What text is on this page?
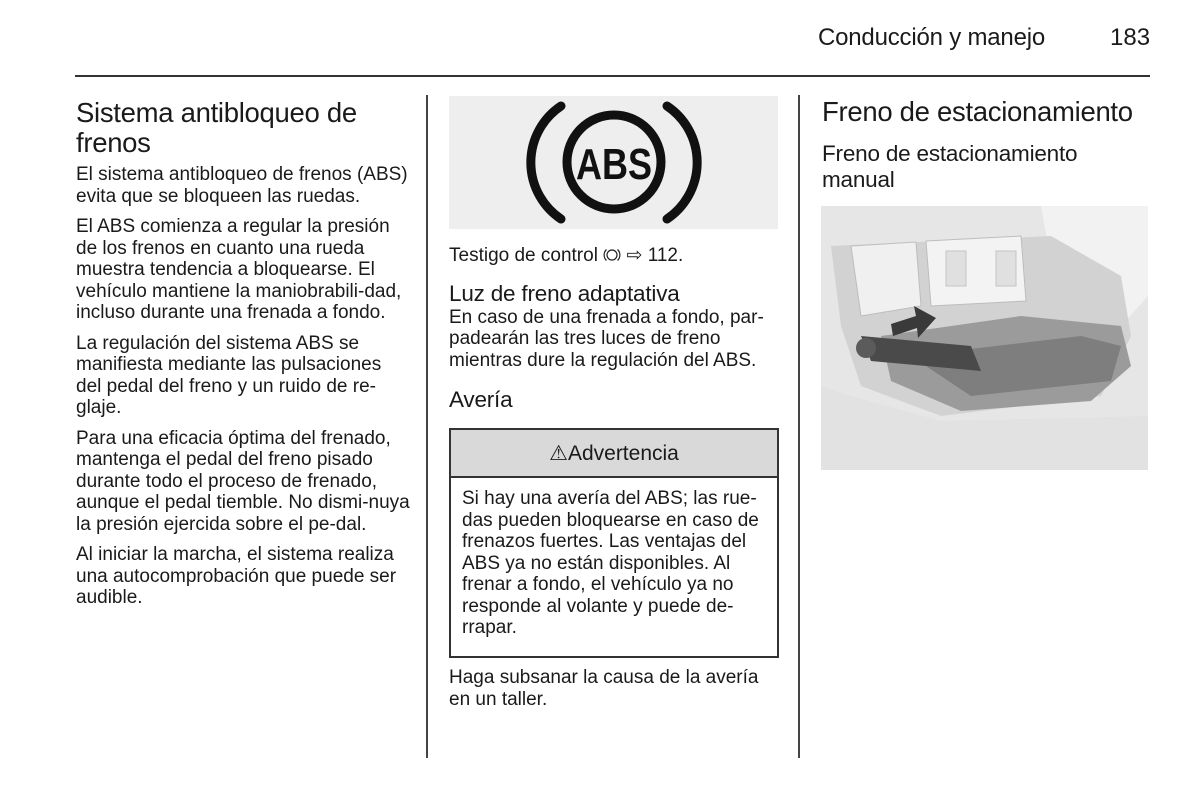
Conducción y manejo	183
Sistema antibloqueo de frenos

El sistema antibloqueo de frenos (ABS) evita que se bloqueen las ruedas.

El ABS comienza a regular la presión de los frenos en cuanto una rueda muestra tendencia a bloquearse. El vehículo mantiene la maniobrabili-dad, incluso durante una frenada a fondo.

La regulación del sistema ABS se manifiesta mediante las pulsaciones del pedal del freno y un ruido de re-glaje.

Para una eficacia óptima del frenado, mantenga el pedal del freno pisado durante todo el proceso de frenado, aunque el pedal tiemble. No dismi-nuya la presión ejercida sobre el pe-dal.

Al iniciar la marcha, el sistema realiza una autocomprobación que puede ser audible.

ABS

Testigo de control ⇨ 112.

Luz de freno adaptativa

En caso de una frenada a fondo, par-padearán las tres luces de freno mientras dure la regulación del ABS.

Avería
⚠Advertencia
Si hay una avería del ABS; las rue-das pueden bloquearse en caso de frenazos fuertes. Las ventajas del ABS ya no están disponibles. Al frenar a fondo, el vehículo ya no responde al volante y puede de-rrapar.

Haga subsanar la causa de la avería en un taller.

Freno de estacionamiento
Freno de estacionamiento manual
